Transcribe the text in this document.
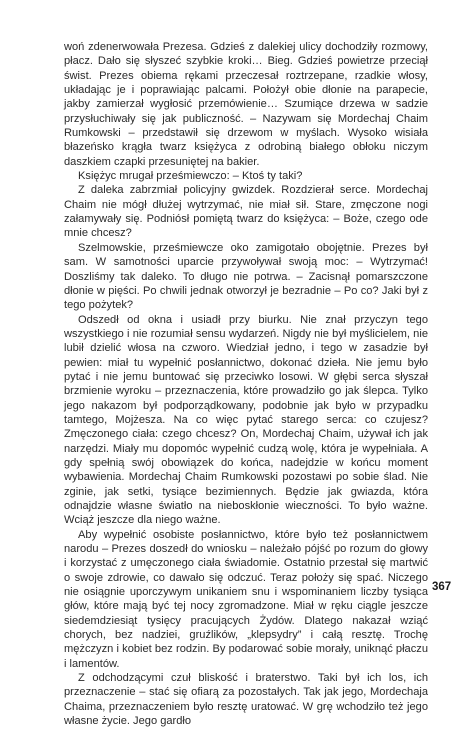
woń zdenerwowała Prezesa. Gdzieś z dalekiej ulicy dochodziły rozmowy, płacz. Dało się słyszeć szybkie kroki… Bieg. Gdzieś powietrze przeciął świst. Prezes obiema rękami przeczesał roztrzepane, rzadkie włosy, układając je i poprawiając palcami. Położył obie dłonie na parapecie, jakby zamierzał wygłosić przemówienie… Szumiące drzewa w sadzie przysłuchiwały się jak publiczność. – Nazywam się Mordechaj Chaim Rumkowski – przedstawił się drzewom w myślach. Wysoko wisiała błazeńsko krągła twarz księżyca z odrobiną białego obłoku niczym daszkiem czapki przesuniętej na bakier.

Księżyc mrugał prześmiewczo: – Ktoś ty taki?

Z daleka zabrzmiał policyjny gwizdek. Rozdzierał serce. Mordechaj Chaim nie mógł dłużej wytrzymać, nie miał sił. Stare, zmęczone nogi załamywały się. Podniósł pomiętą twarz do księżyca: – Boże, czego ode mnie chcesz?

Szelmowskie, prześmiewcze oko zamigotało obojętnie. Prezes był sam. W samotności uparcie przywoływał swoją moc: – Wytrzymać! Doszliśmy tak daleko. To długo nie potrwa. – Zacisnął pomarszczone dłonie w pięści. Po chwili jednak otworzył je bezradnie – Po co? Jaki był z tego pożytek?

Odszedł od okna i usiadł przy biurku. Nie znał przyczyn tego wszystkiego i nie rozumiał sensu wydarzeń. Nigdy nie był myślicielem, nie lubił dzielić włosa na czworo. Wiedział jedno, i tego w zasadzie był pewien: miał tu wypełnić posłannictwo, dokonać dzieła. Nie jemu było pytać i nie jemu buntować się przeciwko losowi. W głębi serca słyszał brzmienie wyroku – przeznaczenia, które prowadziło go jak ślepca. Tylko jego nakazom był podporządkowany, podobnie jak było w przypadku tamtego, Mojżesza. Na co więc pytać starego serca: co czujesz? Zmęczonego ciała: czego chcesz? On, Mordechaj Chaim, używał ich jak narzędzi. Miały mu dopomóc wypełnić cudzą wolę, która je wypełniała. A gdy spełnią swój obowiązek do końca, nadejdzie w końcu moment wybawienia. Mordechaj Chaim Rumkowski pozostawi po sobie ślad. Nie zginie, jak setki, tysiące bezimiennych. Będzie jak gwiazda, która odnajdzie własne światło na nieboskłonie wieczności. To było ważne. Wciąż jeszcze dla niego ważne.

Aby wypełnić osobiste posłannictwo, które było też posłannictwem narodu – Prezes doszedł do wniosku – należało pójść po rozum do głowy i korzystać z umęczonego ciała świadomie. Ostatnio przestał się martwić o swoje zdrowie, co dawało się odczuć. Teraz położy się spać. Niczego nie osiągnie uporczywym unikaniem snu i wspominaniem liczby tysiąca głów, które mają być tej nocy zgromadzone. Miał w ręku ciągle jeszcze siedemdziesiąt tysięcy pracujących Żydów. Dlatego nakazał wziąć chorych, bez nadziei, gruźlików, „klepsydry” i całą resztę. Trochę mężczyzn i kobiet bez rodzin. By podarować sobie morały, uniknąć płaczu i lamentów.

Z odchodzącymi czuł bliskość i braterstwo. Taki był ich los, ich przeznaczenie – stać się ofiarą za pozostałych. Tak jak jego, Mordechaja Chaima, przeznaczeniem było resztę uratować. W grę wchodziło też jego własne życie. Jego gardło

367
